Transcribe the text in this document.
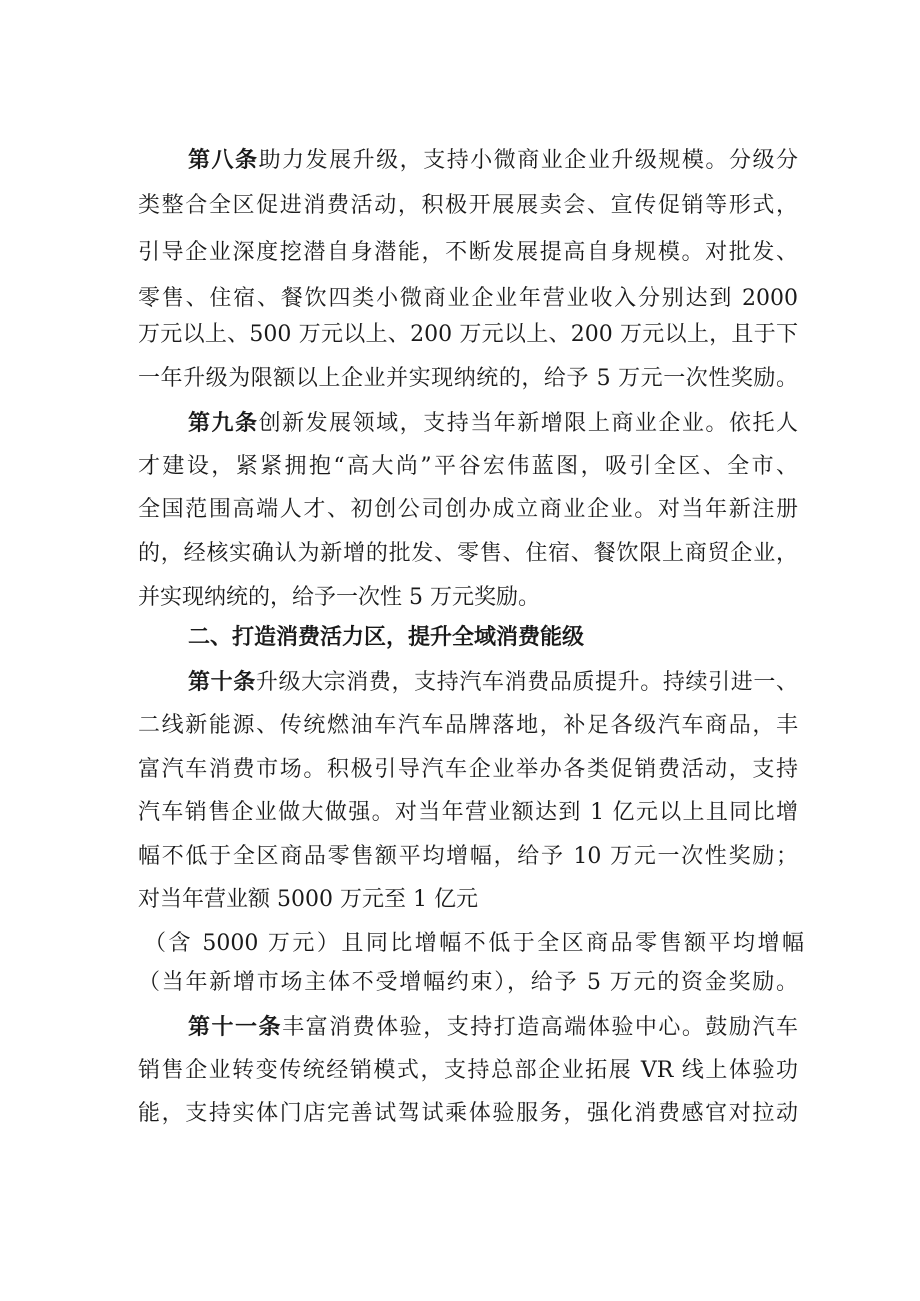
第八条助力发展升级，支持小微商业企业升级规模。分级分
类整合全区促进消费活动，积极开展展卖会、宣传促销等形式，
引导企业深度挖潜自身潜能，不断发展提高自身规模。对批发、
零售、住宿、餐饮四类小微商业企业年营业收入分别达到 2000
万元以上、500 万元以上、200 万元以上、200 万元以上，且于下
一年升级为限额以上企业并实现纳统的，给予 5 万元一次性奖励。
第九条创新发展领域，支持当年新增限上商业企业。依托人
才建设，紧紧拥抱“高大尚”平谷宏伟蓝图，吸引全区、全市、
全国范围高端人才、初创公司创办成立商业企业。对当年新注册
的，经核实确认为新增的批发、零售、住宿、餐饮限上商贸企业，
并实现纳统的，给予一次性 5 万元奖励。
二、打造消费活力区，提升全域消费能级
第十条升级大宗消费，支持汽车消费品质提升。持续引进一、
二线新能源、传统燃油车汽车品牌落地，补足各级汽车商品，丰
富汽车消费市场。积极引导汽车企业举办各类促销费活动，支持
汽车销售企业做大做强。对当年营业额达到 1 亿元以上且同比增
幅不低于全区商品零售额平均增幅，给予 10 万元一次性奖励；
对当年营业额 5000 万元至 1 亿元
（含 5000 万元）且同比增幅不低于全区商品零售额平均增幅
（当年新增市场主体不受增幅约束），给予 5 万元的资金奖励。
第十一条丰富消费体验，支持打造高端体验中心。鼓励汽车
销售企业转变传统经销模式，支持总部企业拓展 VR 线上体验功
能，支持实体门店完善试驾试乘体验服务，强化消费感官对拉动
